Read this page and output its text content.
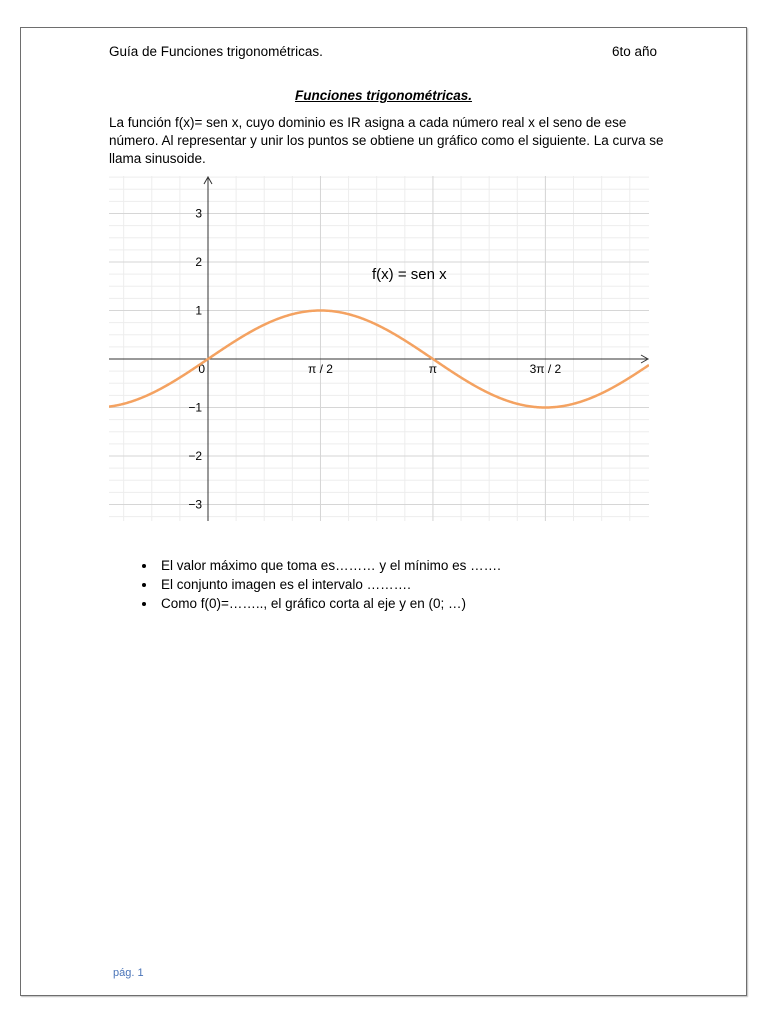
Guía de Funciones trigonométricas.	6to año
Funciones trigonométricas.

La función f(x)= sen x, cuyo dominio es IR asigna a cada número real x el seno de ese número. Al representar y unir los puntos se obtiene un gráfico como el siguiente. La curva se llama sinusoide.

0	π / 2	π	3π / 2
3
2
1
−1
−2
−3
f(x) = sen x
• El valor máximo que toma es……… y el mínimo es …….
• El conjunto imagen es el intervalo ……….
• Como f(0)=…….., el gráfico corta al eje y en (0; …)
pág. 1
